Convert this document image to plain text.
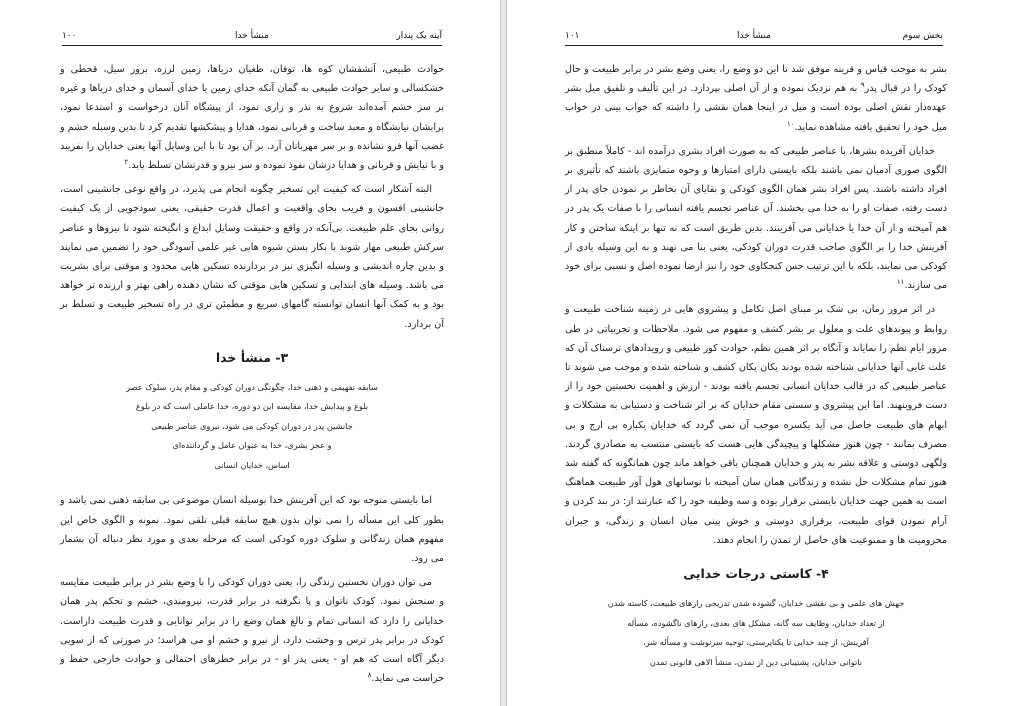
آینه یک پندار
منشأ خدا
۱۰۰

حوادث طبیعی، آتشفشان کوه ها، توفان، طغیان دریاها، زمین لرزه، بروز سیل، قحطی و خشکسالی و سایر حوادث طبیعی به گمان آنکه خدای زمین یا خدای آسمان و خدای دریاها و غیره بر سر خشم آمده‌اند شروع به نذر و زاری نمود، از پیشگاه آنان درخواست و استدعا نمود، برایشان نیایشگاه و معبد ساخت و قربانی نمود، هدایا و پیشکشها تقدیم کرد تا بدین وسیله خشم و غضب آنها فرو نشانده و بر سر مهربانان آرد. بر آن بود تا با این وسایل آنها یعنی خدایان را بفریبد و با نیایش و قربانی و هدایا درشان نفوذ نموده و سر نیرو و قدرتشان تسلط یابد.$^۲$

البته آشکار است که کیفیت این تسخیر چگونه انجام می پذیرد، در واقع نوعی جانشینی است، جانشینی افسون و فریب بجای واقعیت و اعمال قدرت حقیقی، یعنی سودجویی از یک کیفیت روانی بجای علم طبیعت. بی‌آنکه در واقع و حقیقت وسایل ابداع و انگیخته شود تا نیروها و عناصر سرکش طبیعی مهار شوند با بکار بستن شیوه هایی غیر علمی آسودگی خود را تضمین می نمایند و بدین چاره اندیشی و وسیله انگیزی نیز در بردارنده تسکین هایی محدود و موقتی برای بشریت می باشد. وسیله های ابتدایی و تسکین هایی موقتی که نشان دهنده راهی بهتر و ارزنده تر خواهد بود و به کمک آنها انسان توانسته گامهای سریع و مطمئن تری در راه تسخیر طبیعت و تسلط بر آن بردارد.

۳- منشأ خدا
سابقه تفهیمی و ذهنی خدا، چگونگی دوران کودکی و مقام پدر، سلوک عصر
بلوغ و پیدایش خدا، مقایسه این دو دوره، خدا عاملی است که در بلوغ
جانشین پدر در دوران کودکی می شود، نیروی عناصر طبیعی
و عجز بشری، خدا به عنوان عامل و گرداننده‌ای
اساس، خدایان انسانی

اما بایستی متوجه بود که این آفرینش خدا بوسیله انسان موضوعی بی سابقه ذهنی نمی باشد و بطور کلی این مسأله را نمی توان بدون هیچ سابقه قبلی تلقی نمود. نمونه و الگوی خاص این مفهوم همان زندگانی و سلوک دوره کودکی است که مرحله بعدی و مورد نظر دنباله آن بشمار می رود.

می توان دوران نخستین زندگی را، یعنی دوران کودکی را با وضع بشر در برابر طبیعت مقایسه و سنجش نمود. کودک ناتوان و پا نگرفته در برابر قدرت، نیرومندی، خشم و تحکم پدر همان خدایانی را دارد که انسانی تمام و بالغ همان وضع را در برابر توانایی و قدرت طبیعت داراست. کودک در برابر پدر ترس و وحشت دارد، از نیرو و خشم او می هراسد؛ در صورتی که از سویی دیگر آگاه است که هم او - یعنی پدر او - در برابر خطرهای احتمالی و حوادث خارجی حفظ و حراست می نماید.$^۸$

بخش سوم
منشأ خدا
۱۰۱

بشر به موجب قیاس و قرینه موفق شد تا این دو وضع را، یعنی وضع بشر در برابر طبیعت و حال کودک را در قبال پدر$^۹$ به هم نزدیک نموده و از آن اصلی بپردازد. در این تألیف و تلفیق میل بشر عهده‌دار نقش اصلی بوده است و میل در اینجا همان نقشی را داشته که خواب بینی در خواب میل خود را تحقیق یافته مشاهده نماید.$^{۱۰}$

خدایان آفریده بشرها، با عناصر طبیعی که به صورت افراد بشری درآمده اند - کاملاً منطبق بر الگوی صوری آدمیان نمی باشند بلکه بایستی دارای امتیازها و وجوه متمایزی باشند که تأثیری بر افراد داشته باشند. پس افراد بشر همان الگوی کودکی و بقایای آن بخاطر بر نمودن جای پدر از دست رفته، صفات او را به خدا می بخشند. آن عناصر تجسم یافته انسانی را با صفات یک پدر در هم آمیخته و از آن خدا یا خدایانی می آفرینند. بدین طریق است که نه تنها بر اینکه ساختن و کار آفرینش خدا را بر الگوی صاحب قدرت دوران کودکی، یعنی بنا می نهند و به این وسیله یادی از کودکی می نمایند، بلکه با این ترتیب حس کنجکاوی خود را نیز ارضا نموده اصل و نسبی برای خود می سازند.$^{۱۱}$

در اثر مرور زمان، بی شک بر مبنای اصل تکامل و پیشروی هایی در زمینه شناخت طبیعت و روابط و پیوندهای علت و معلول بر بشر کشف و مفهوم می شود. ملاحظات و تجربیاتی در طی مرور ایام نظم را نمایاند و آنگاه بر اثر همین نظم، حوادث کور طبیعی و رویدادهای ترسناک آن که علت غایی آنها خدایانی شناخته شده بودند یکان یکان کشف و شناخته شده و موجب می شوند تا عناصر طبیعی که در قالب خدایان انسانی تجسم یافته بودند - ارزش و اهمیت نخستین خود را از دست فروبنهند. اما این پیشروی و سستی مقام خدایان که بر اثر شناخت و دستیابی به مشکلات و ابهام های طبیعت حاصل می آید یکسره موجب آن نمی گردد که خدایان یکباره بی ارج و بی مصرف بمانند - چون هنوز مشکلها و پیچیدگی هایی هست که بایستی منتسب به مصادری گردند. ولگهی دوستی و علاقه بشر به پدر و خدایان همچنان باقی خواهد ماند چون همانگونه که گفته شد هنوز تمام مشکلات حل نشده و زندگانی همان سان آمیخته با نوسانهای هول آور طبیعت هماهنگ است به همین جهت خدایان بایستی برقرار بوده و سه وظیفه خود را که عبارتند از: در بند کردن و آرام نمودن قوای طبیعت، برقراری دوستی و خوش بینی میان انسان و زندگی، و جبران محرومیت ها و ممنوعیت های حاصل از تمدن را انجام دهند.

۴- کاستی درجات خدایی
جهش های علمی و بی نقشی خدایان، گشوده شدن تدریجی رازهای طبیعت، کاسته شدن
از تعداد خدایان، وظایف سه گانه، مشکل های بعدی، رازهای ناگشوده، مسأله
آفرینش، از چند خدایی تا یکتاپرستی، توجیه سرنوشت و مسأله شر،
ناتوانی خدایان، پشتیبانی دین از تمدن، منشأ الاهی قانونی تمدن
